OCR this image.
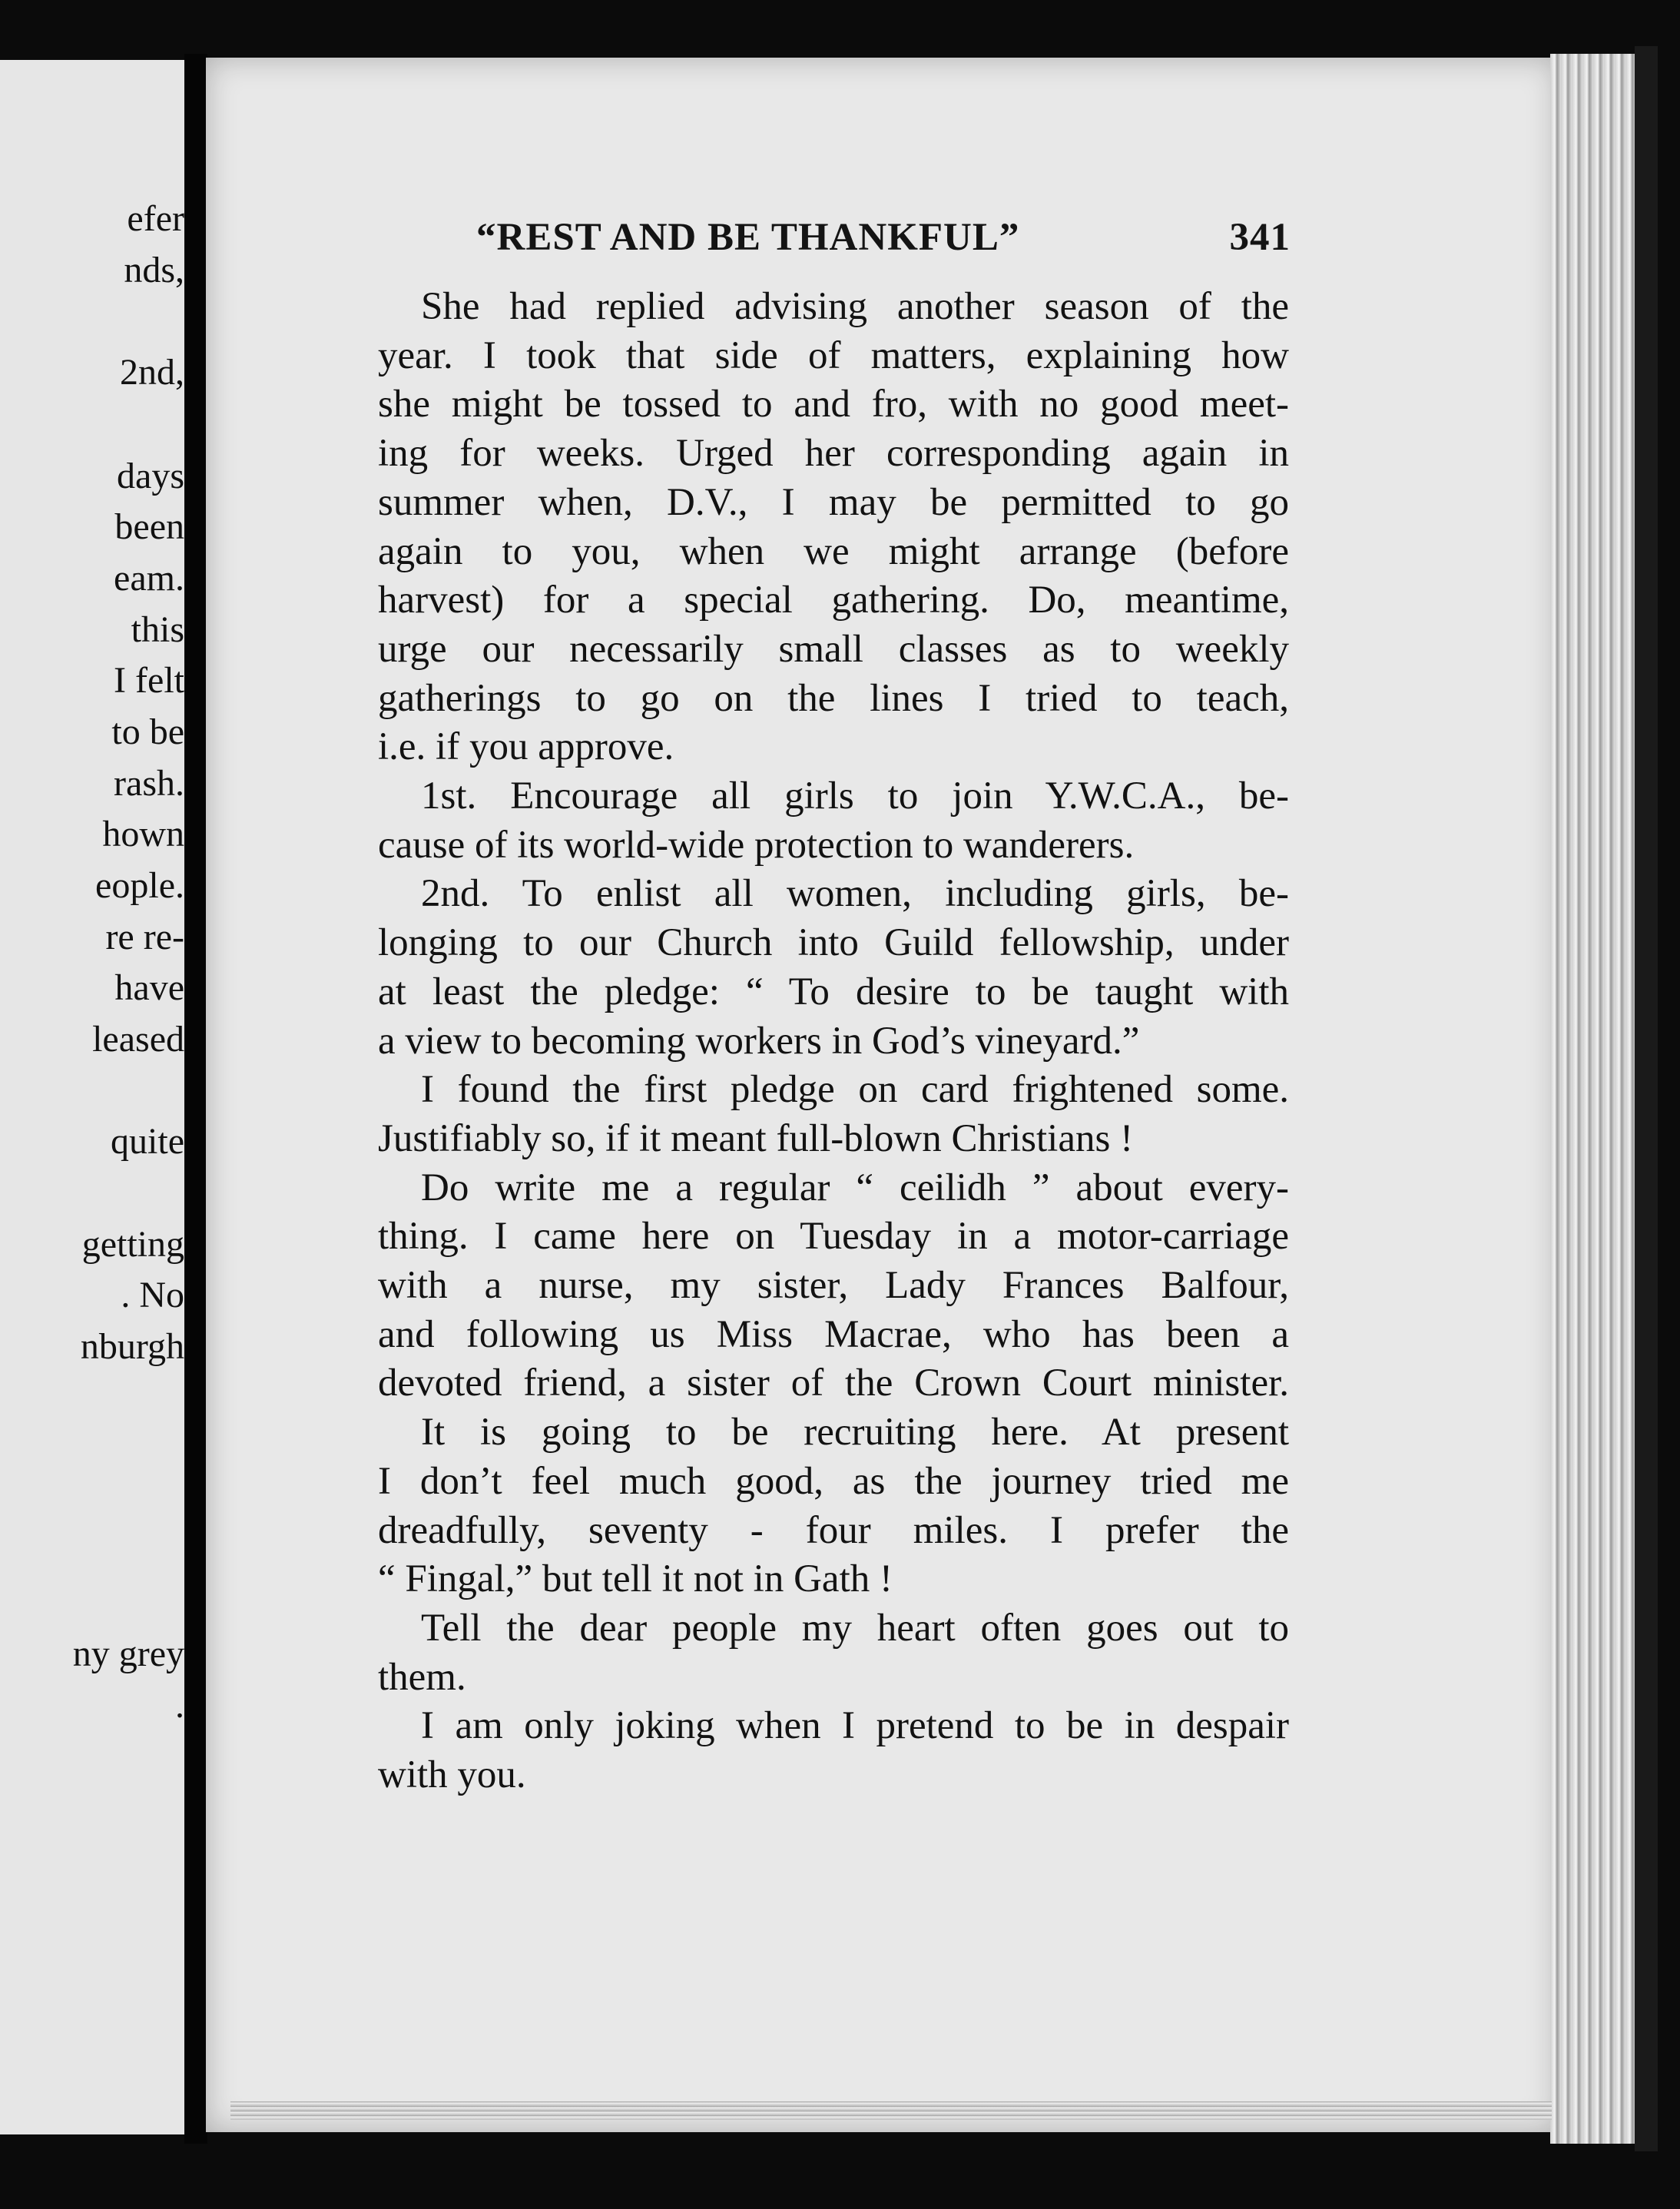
efer
nds,
2nd,
days
been
eam.
this
I felt
to be
rash.
hown
eople.
re re-
have
leased
quite
getting
. No
nburgh
ny grey
.
“REST AND BE THANKFUL”	341
She had replied advising another season of the
year. I took that side of matters, explaining how
she might be tossed to and fro, with no good meet-
ing for weeks. Urged her corresponding again in
summer when, D.V., I may be permitted to go
again to you, when we might arrange (before
harvest) for a special gathering. Do, meantime,
urge our necessarily small classes as to weekly
gatherings to go on the lines I tried to teach,
i.e. if you approve.
1st. Encourage all girls to join Y.W.C.A., be-
cause of its world-wide protection to wanderers.
2nd. To enlist all women, including girls, be-
longing to our Church into Guild fellowship, under
at least the pledge: “ To desire to be taught with
a view to becoming workers in God’s vineyard.”
I found the first pledge on card frightened some.
Justifiably so, if it meant full-blown Christians !
Do write me a regular “ ceilidh ” about every-
thing. I came here on Tuesday in a motor-carriage
with a nurse, my sister, Lady Frances Balfour,
and following us Miss Macrae, who has been a
devoted friend, a sister of the Crown Court minister.
It is going to be recruiting here. At present
I don’t feel much good, as the journey tried me
dreadfully, seventy - four miles. I prefer the
“ Fingal,” but tell it not in Gath !
Tell the dear people my heart often goes out to
them.
I am only joking when I pretend to be in despair
with you.
